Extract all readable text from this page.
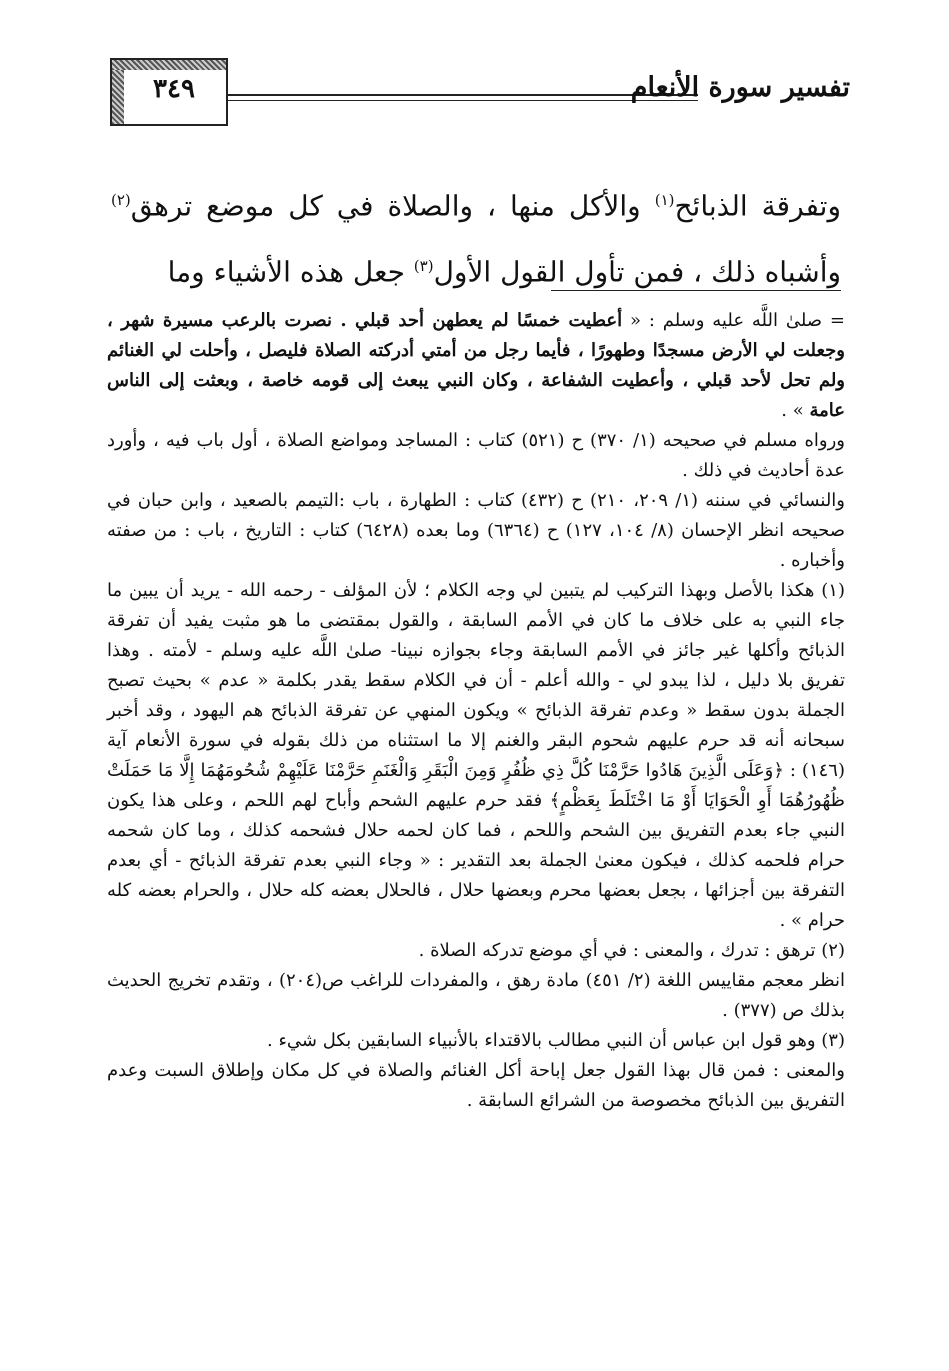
٣٤٩	تفسير سورة الأنعام
وتفرقة الذبائح$^{(١)}$ والأكل منها ، والصلاة في كل موضع ترهق$^{(٢)}$ وأشباه ذلك ، فمن تأول القول الأول$^{(٣)}$ جعل هذه الأشياء وما

= صلىٰ اللَّه عليه وسلم : « أعطيت خمسًا لم يعطهن أحد قبلي . نصرت بالرعب مسيرة شهر ، وجعلت لي الأرض مسجدًا وطهورًا ، فأيما رجل من أمتي أدركته الصلاة فليصل ، وأحلت لي الغنائم ولم تحل لأحد قبلي ، وأعطيت الشفاعة ، وكان النبي يبعث إلى قومه خاصة ، وبعثت إلى الناس عامة » .

ورواه مسلم في صحيحه (١/ ٣٧٠) ح (٥٢١) كتاب : المساجد ومواضع الصلاة ، أول باب فيه ، وأورد عدة أحاديث في ذلك .

والنسائي في سننه (١/ ٢٠٩، ٢١٠) ح (٤٣٢) كتاب : الطهارة ، باب :التيمم بالصعيد ، وابن حبان في صحيحه انظر الإحسان (٨/ ١٠٤، ١٢٧) ح (٦٣٦٤) وما بعده (٦٤٢٨) كتاب : التاريخ ، باب : من صفته وأخباره .

(١) هكذا بالأصل وبهذا التركيب لم يتبين لي وجه الكلام ؛ لأن المؤلف - رحمه الله - يريد أن يبين ما جاء النبي به على خلاف ما كان في الأمم السابقة ، والقول بمقتضى ما هو مثبت يفيد أن تفرقة الذبائح وأكلها غير جائز في الأمم السابقة وجاء بجوازه نبينا- صلىٰ اللَّه عليه وسلم - لأمته . وهذا تفريق بلا دليل ، لذا يبدو لي - والله أعلم - أن في الكلام سقط يقدر بكلمة « عدم » بحيث تصبح الجملة بدون سقط « وعدم تفرقة الذبائح » ويكون المنهي عن تفرقة الذبائح هم اليهود ، وقد أخبر سبحانه أنه قد حرم عليهم شحوم البقر والغنم إلا ما استثناه من ذلك بقوله في سورة الأنعام آية (١٤٦) : ﴿وَعَلَى الَّذِينَ هَادُوا حَرَّمْنَا كُلَّ ذِي ظُفُرٍ وَمِنَ الْبَقَرِ وَالْغَنَمِ حَرَّمْنَا عَلَيْهِمْ شُحُومَهُمَا إِلَّا مَا حَمَلَتْ ظُهُورُهُمَا أَوِ الْحَوَايَا أَوْ مَا اخْتَلَطَ بِعَظْمٍ﴾ فقد حرم عليهم الشحم وأباح لهم اللحم ، وعلى هذا يكون النبي جاء بعدم التفريق بين الشحم واللحم ، فما كان لحمه حلال فشحمه كذلك ، وما كان شحمه حرام فلحمه كذلك ، فيكون معنىٰ الجملة بعد التقدير : « وجاء النبي بعدم تفرقة الذبائح - أي بعدم التفرقة بين أجزائها ، بجعل بعضها محرم وبعضها حلال ، فالحلال بعضه كله حلال ، والحرام بعضه كله حرام » .

(٢) ترهق : تدرك ، والمعنى : في أي موضع تدركه الصلاة .

انظر معجم مقاييس اللغة (٢/ ٤٥١) مادة رهق ، والمفردات للراغب ص(٢٠٤) ، وتقدم تخريج الحديث بذلك ص (٣٧٧) .

(٣) وهو قول ابن عباس أن النبي مطالب بالاقتداء بالأنبياء السابقين بكل شيء .

والمعنى : فمن قال بهذا القول جعل إباحة أكل الغنائم والصلاة في كل مكان وإطلاق السبت وعدم التفريق بين الذبائح مخصوصة من الشرائع السابقة .
